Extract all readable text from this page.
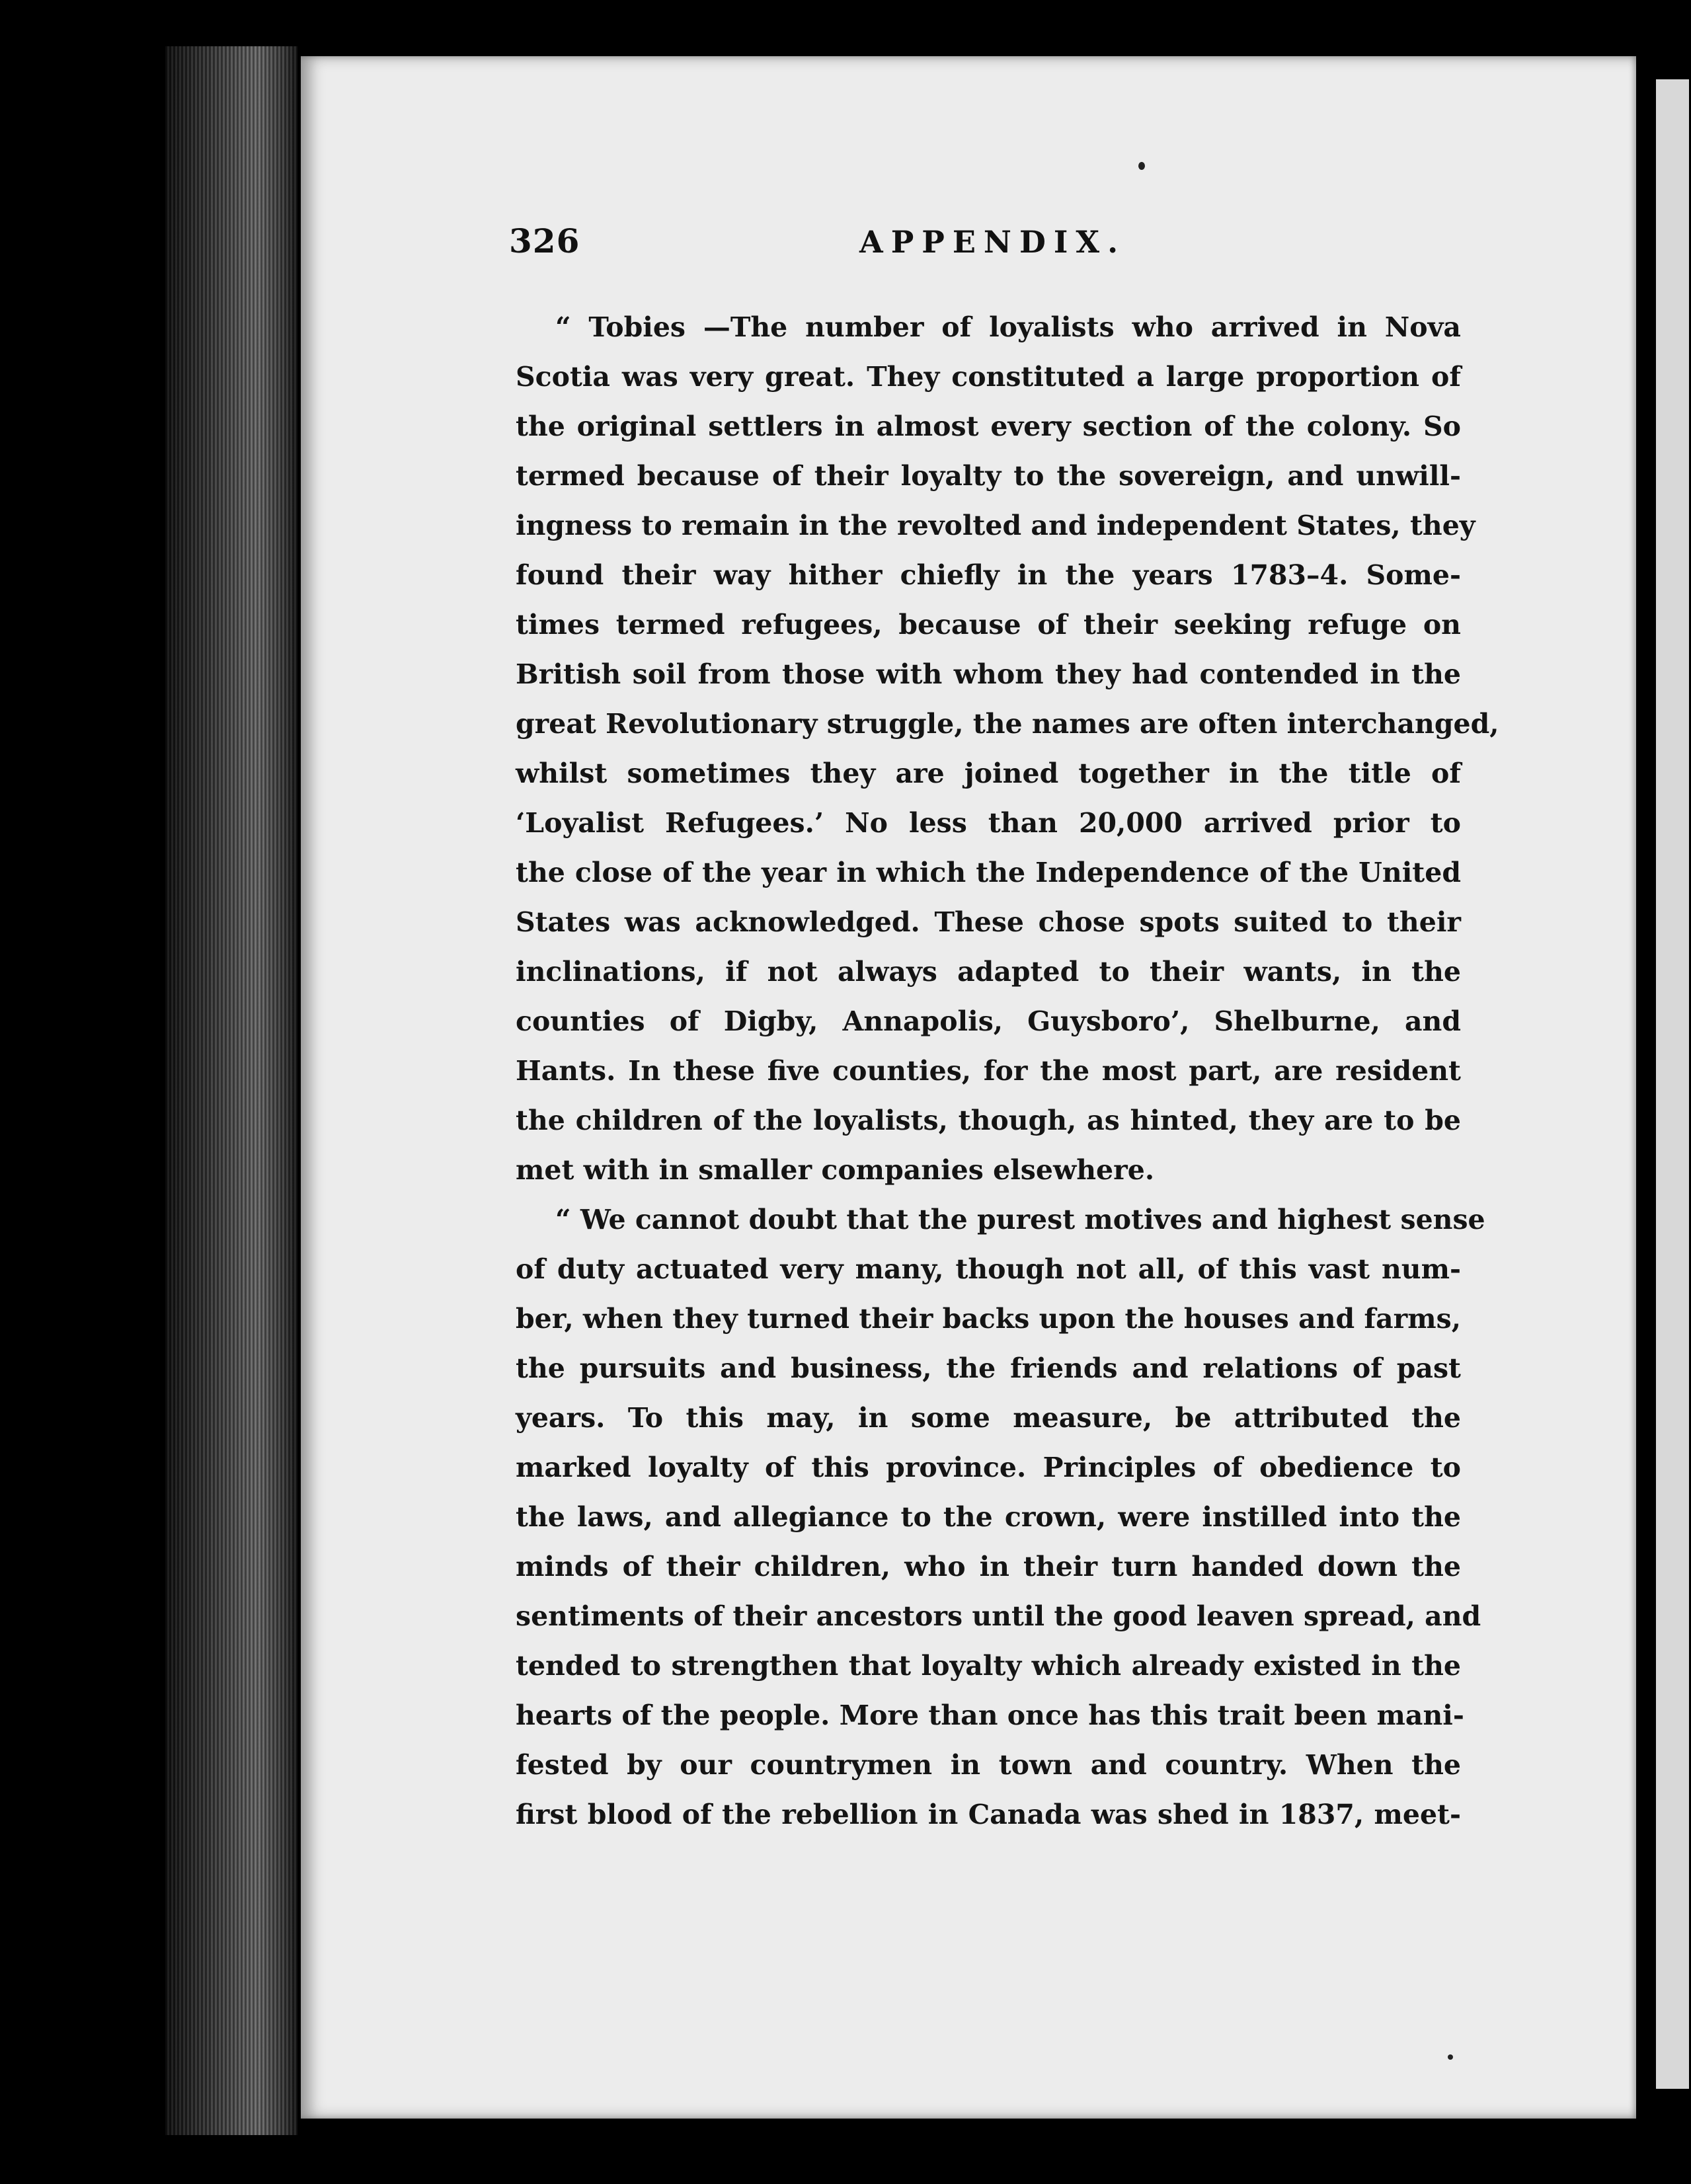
326	APPENDIX.
“ Tobies —The number of loyalists who arrived in Nova
Scotia was very great. They constituted a large proportion of
the original settlers in almost every section of the colony. So
termed because of their loyalty to the sovereign, and unwill-
ingness to remain in the revolted and independent States, they
found their way hither chiefly in the years 1783–4. Some-
times termed refugees, because of their seeking refuge on
British soil from those with whom they had contended in the
great Revolutionary struggle, the names are often interchanged,
whilst sometimes they are joined together in the title of
‘Loyalist Refugees.’ No less than 20,000 arrived prior to
the close of the year in which the Independence of the United
States was acknowledged. These chose spots suited to their
inclinations, if not always adapted to their wants, in the
counties of Digby, Annapolis, Guysboro’, Shelburne, and
Hants. In these five counties, for the most part, are resident
the children of the loyalists, though, as hinted, they are to be
met with in smaller companies elsewhere.
“ We cannot doubt that the purest motives and highest sense
of duty actuated very many, though not all, of this vast num-
ber, when they turned their backs upon the houses and farms,
the pursuits and business, the friends and relations of past
years. To this may, in some measure, be attributed the
marked loyalty of this province. Principles of obedience to
the laws, and allegiance to the crown, were instilled into the
minds of their children, who in their turn handed down the
sentiments of their ancestors until the good leaven spread, and
tended to strengthen that loyalty which already existed in the
hearts of the people. More than once has this trait been mani-
fested by our countrymen in town and country. When the
first blood of the rebellion in Canada was shed in 1837, meet-
